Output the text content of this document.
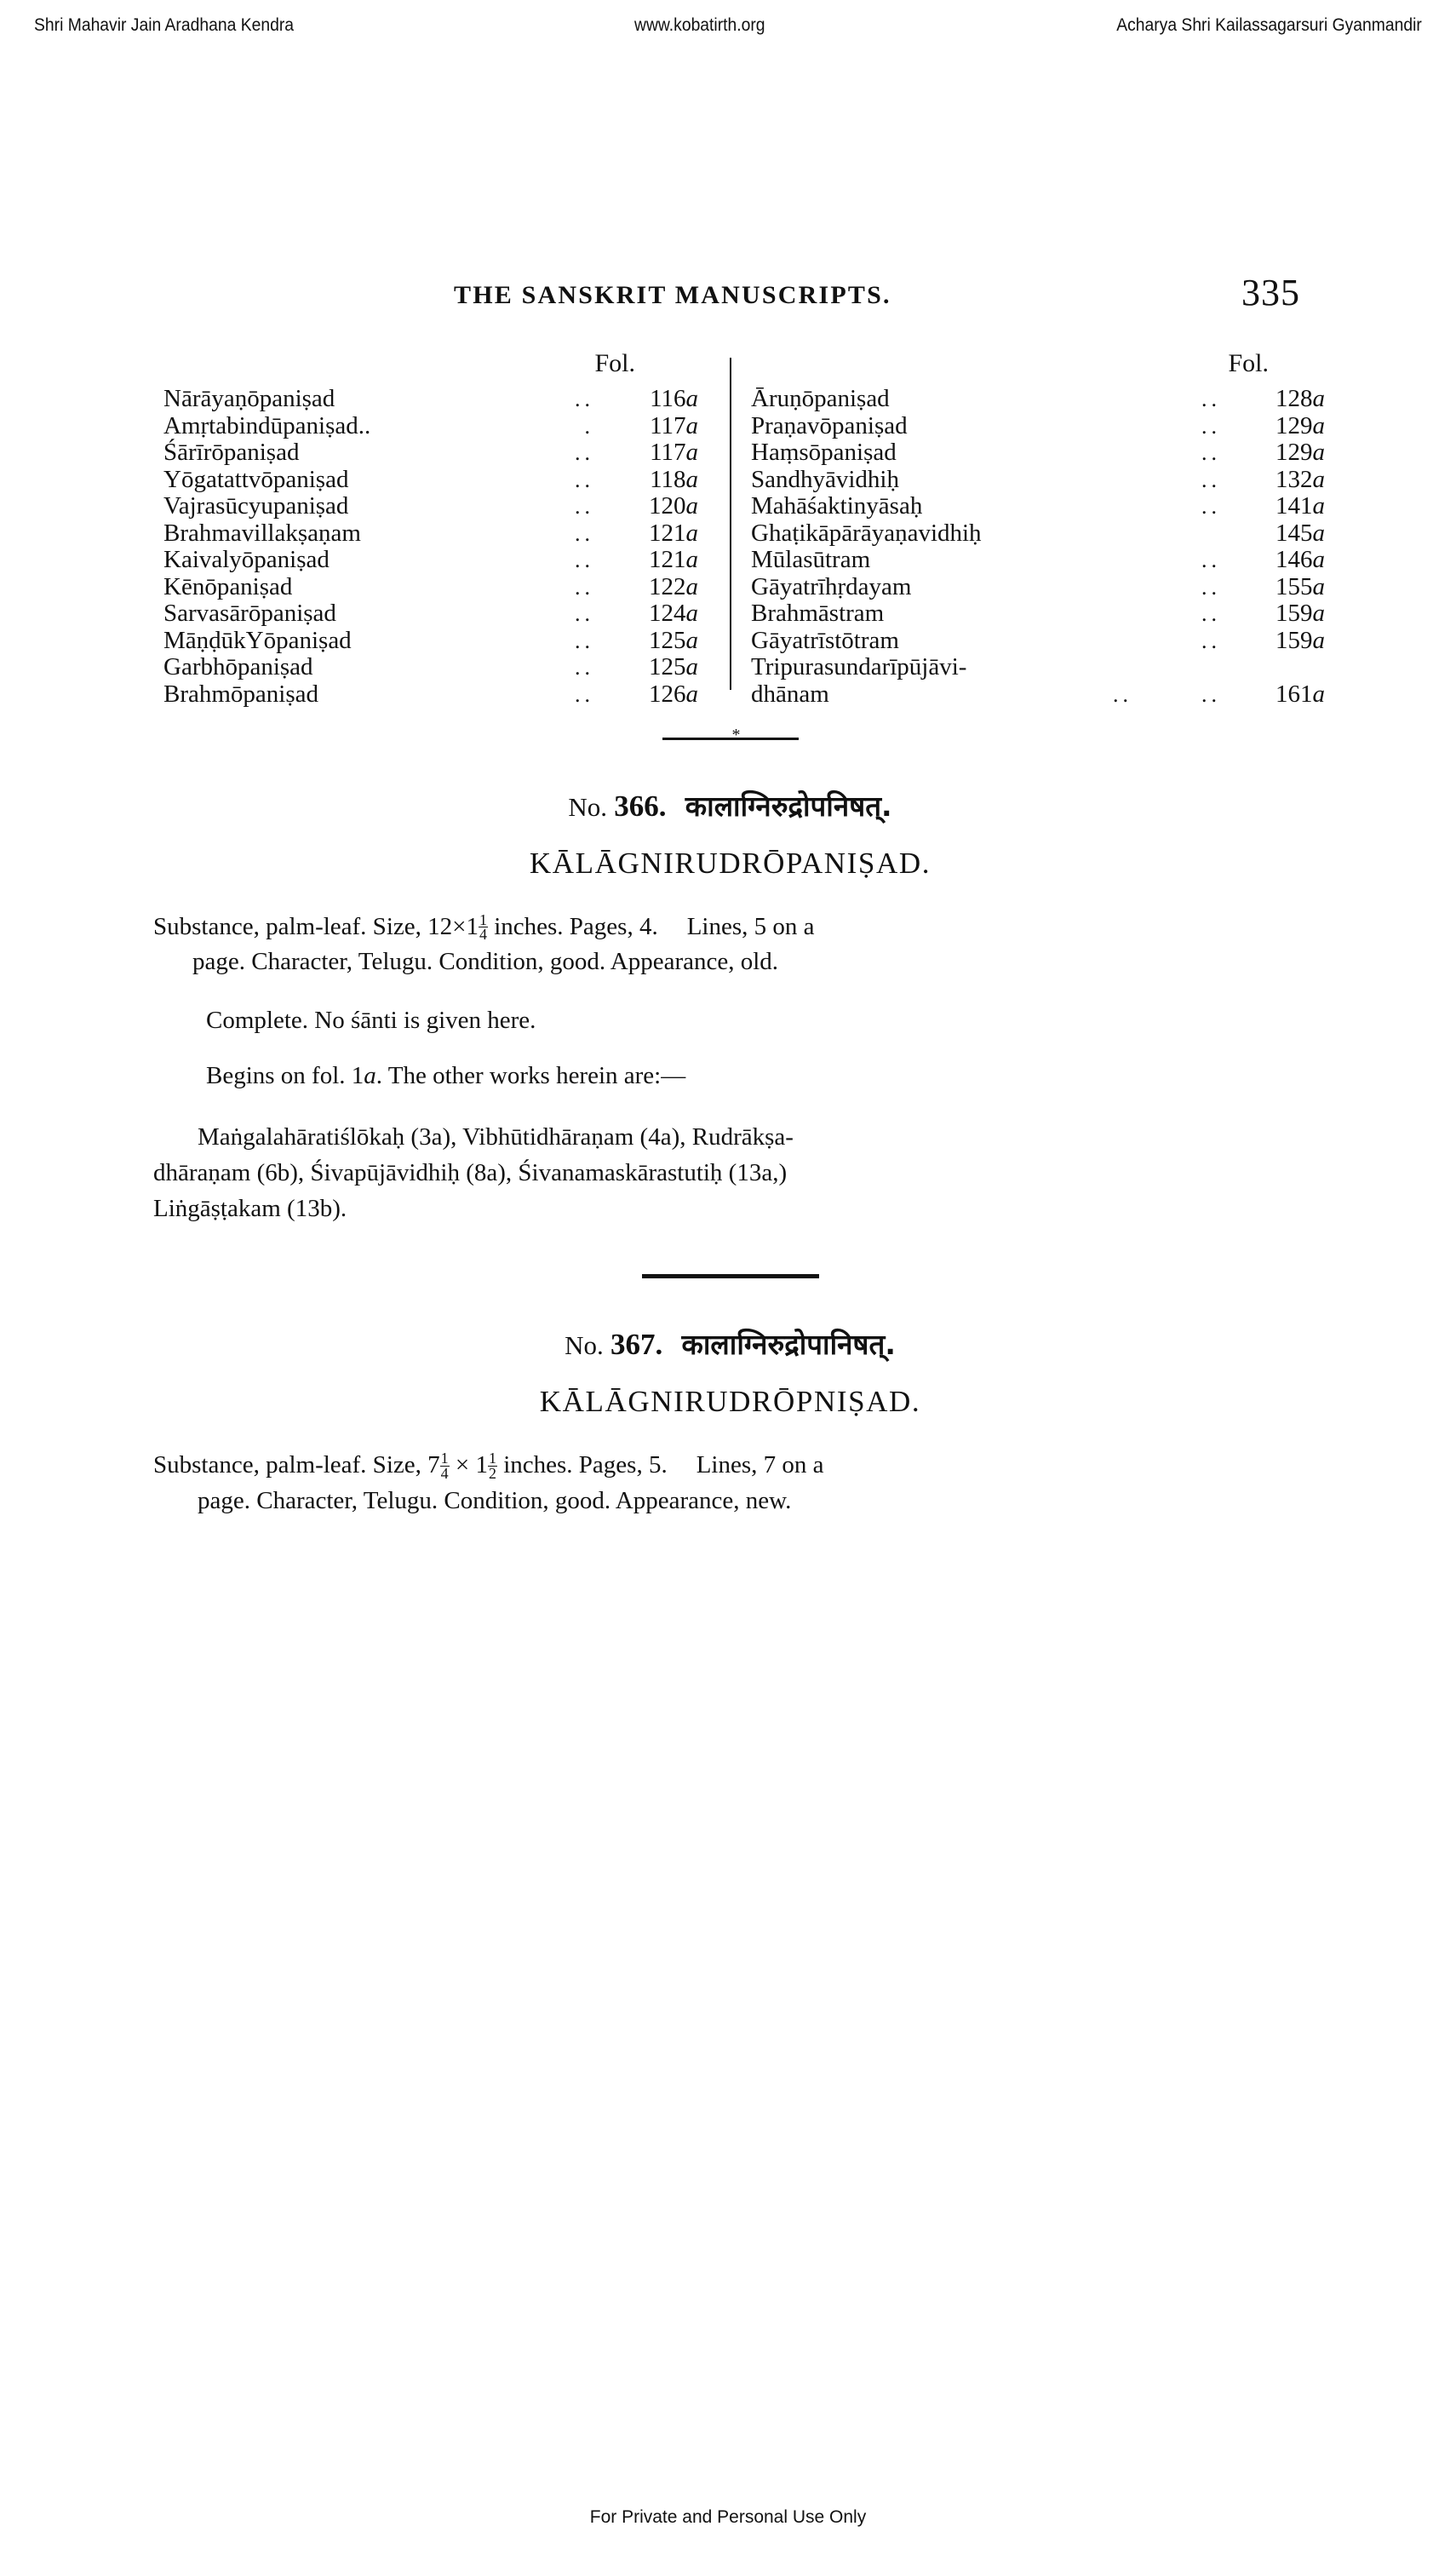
Shri Mahavir Jain Aradhana Kendra	www.kobatirth.org	Acharya Shri Kailassagarsuri Gyanmandir
THE SANSKRIT MANUSCRIPTS.	335
Fol.
Nārāyaṇōpaniṣad	.. 116a
Amṛtabindūpaniṣad..	. 117a
Śārīrōpaniṣad	.. 117a
Yōgatattvōpaniṣad	.. 118a
Vajrasūcyupaniṣad	.. 120a
Brahmavillakṣaṇam	.. 121a
Kaivalyōpaniṣad	.. 121a
Kēnōpaniṣad	.. 122a
Sarvasārōpaniṣad	.. 124a
MāṇḍūkYōpaniṣad	.. 125a
Garbhōpaniṣad	.. 125a
Brahmōpaniṣad	.. 126a
Fol.
Āruṇōpaniṣad	.. 128a
Praṇavōpaniṣad	.. 129a
Haṃsōpaniṣad	.. 129a
Sandhyāvidhiḥ	.. 132a
Mahāśaktinyāsaḥ	.. 141a
Ghaṭikāpārāyaṇavidhiḥ	145a
Mūlasūtram	.. 146a
Gāyatrīhṛdayam	.. 155a
Brahmāstram	.. 159a
Gāyatrīstōtram	.. 159a
Tripurasundarīpūjāvi-
dhānam	..	.. 161a
*
No. 366. कालाग्निरुद्रोपनिषत्.
KĀLĀGNIRUDRŌPANIṢAD.
Substance, palm-leaf. Size, $12\times 1 \frac{1}{4}$ inches. Pages, 4. Lines, 5 on a
page. Character, Telugu. Condition, good. Appearance, old.
Complete. No śānti is given here.
Begins on fol. 1a. The other works herein are:—
Maṅgalahāratiślōkaḥ (3a), Vibhūtidhāraṇam (4a), Rudrākṣa-
dhāraṇam (6b), Śivapūjāvidhiḥ (8a), Śivanamaskārastutiḥ (13a,)
Liṅgāṣṭakam (13b).
No. 367. कालाग्निरुद्रोपानिषत्.
KĀLĀGNIRUDRŌPNIṢAD.
Substance, palm-leaf. Size, $7 \frac{1}{4} \times 1 \frac{1}{2}$ inches. Pages, 5. Lines, 7 on a
page. Character, Telugu. Condition, good. Appearance, new.
For Private and Personal Use Only
